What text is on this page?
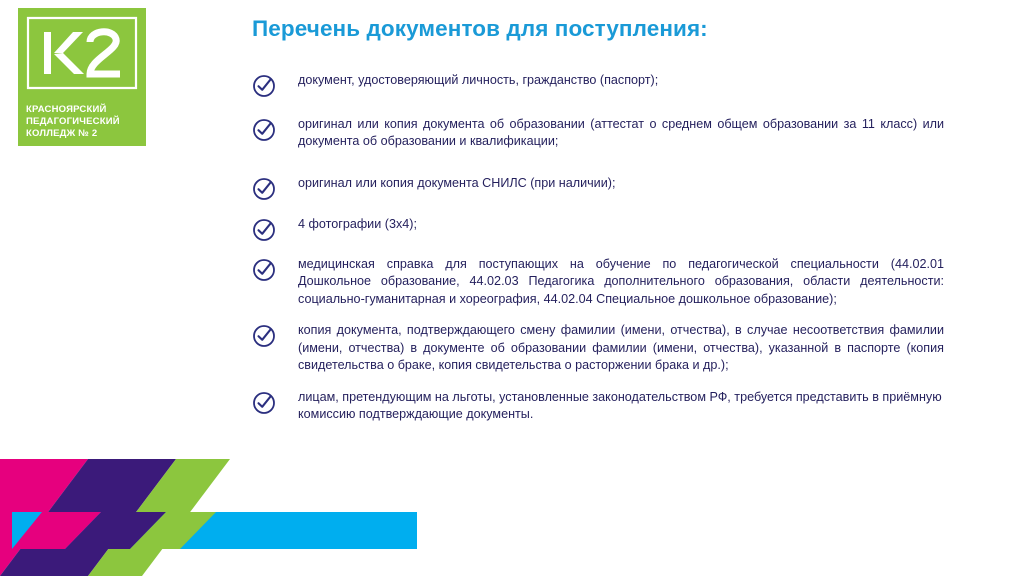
КРАСНОЯРСКИЙ
ПЕДАГОГИЧЕСКИЙ
КОЛЛЕДЖ № 2
Перечень документов для поступления:
документ, удостоверяющий личность, гражданство (паспорт);
оригинал или копия документа об образовании (аттестат о среднем общем образовании за 11 класс) или документа об образовании и квалификации;
оригинал или копия документа СНИЛС (при наличии);
4 фотографии (3х4);
медицинская справка для поступающих на обучение по педагогической специальности (44.02.01 Дошкольное образование, 44.02.03 Педагогика дополнительного образования, области деятельности: социально-гуманитарная и хореография, 44.02.04 Специальное дошкольное образование);
копия документа, подтверждающего смену фамилии (имени, отчества), в случае несоответствия фамилии (имени, отчества) в документе об образовании фамилии (имени, отчества), указанной в паспорте (копия свидетельства о браке, копия свидетельства о расторжении брака и др.);
лицам, претендующим на льготы, установленные законодательством РФ, требуется представить в приёмную комиссию подтверждающие документы.
